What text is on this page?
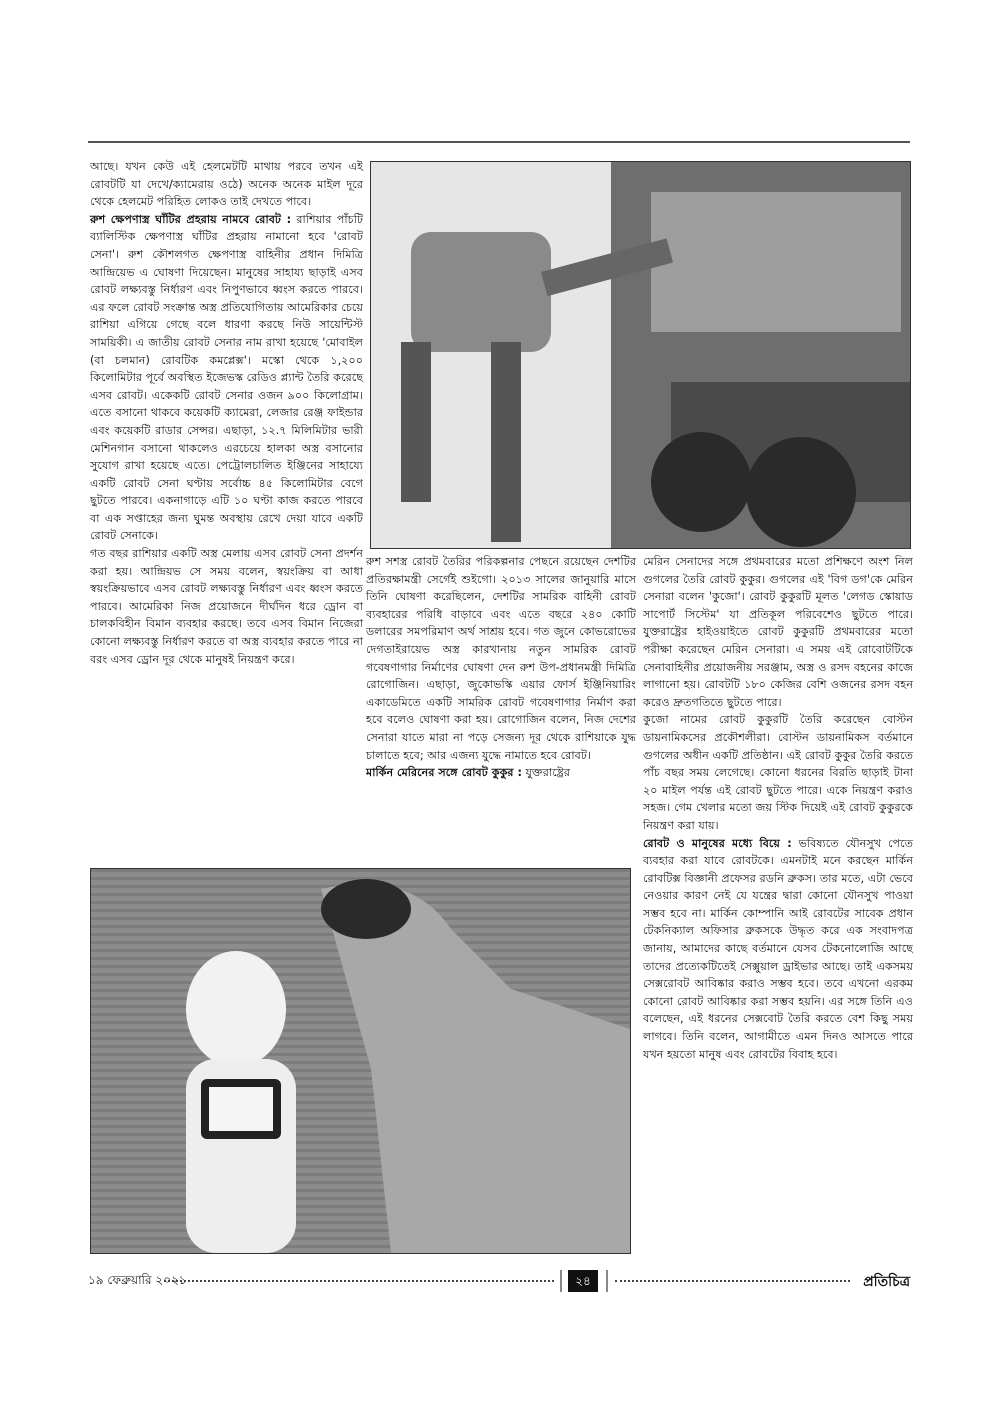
আছে। যখন কেউ এই হেলমেটটি মাথায় পরবে তখন এই রোবটটি যা দেখে/ক্যামেরায় ওঠে) অনেক অনেক মাইল দূরে থেকে হেলমেট পরিহিত লোকও তাই দেখতে পাবে।

রুশ ক্ষেপণাস্ত্র ঘাঁটির প্রহরায় নামবে রোবট : রাশিয়ার পাঁচটি ব্যালিস্টিক ক্ষেপণাস্ত্র ঘাঁটির প্রহরায় নামানো হবে 'রোবট সেনা'। রুশ কৌশলগত ক্ষেপণাস্ত্র বাহিনীর প্রধান দিমিত্রি আন্দ্রিয়েভ এ ঘোষণা দিয়েছেন। মানুষের সাহায্য ছাড়াই এসব রোবট লক্ষ্যবস্তু নির্ধারণ এবং নিপুণভাবে ধ্বংস করতে পারবে। এর ফলে রোবট সংক্রান্ত অস্ত্র প্রতিযোগিতায় আমেরিকার চেয়ে রাশিয়া এগিয়ে গেছে বলে ধারণা করছে নিউ সায়েন্টিস্ট সাময়িকী। এ জাতীয় রোবট সেনার নাম রাখা হয়েছে 'মোবাইল (বা চলমান) রোবটিক কমপ্লেক্স'। মস্কো থেকে ১,২০০ কিলোমিটার পূর্বে অবস্থিত ইজেভস্ক রেডিও প্ল্যান্ট তৈরি করেছে এসব রোবট। একেকটি রোবট সেনার ওজন ৯০০ কিলোগ্রাম। এতে বসানো থাকবে কয়েকটি ক্যামেরা, লেজার রেঞ্জ ফাইন্ডার এবং কয়েকটি রাডার সেন্সর। এছাড়া, ১২.৭ মিলিমিটার ভারী মেশিনগান বসানো থাকলেও এরচেয়ে হালকা অস্ত্র বসানোর সুযোগ রাখা হয়েছে এতে। পেট্রোলচালিত ইঞ্জিনের সাহায্যে একটি রোবট সেনা ঘণ্টায় সর্বোচ্চ ৪৫ কিলোমিটার বেগে ছুটতে পারবে। একনাগাড়ে এটি ১০ ঘণ্টা কাজ করতে পারবে বা এক সপ্তাহের জন্য ঘুমন্ত অবস্থায় রেখে দেয়া যাবে একটি রোবট সেনাকে।

গত বছর রাশিয়ার একটি অস্ত্র মেলায় এসব রোবট সেনা প্রদর্শন করা হয়। আন্দ্রিয়ভ সে সময় বলেন, স্বয়ংক্রিয় বা আধা স্বয়ংক্রিয়ভাবে এসব রোবট লক্ষ্যবস্তু নির্ধারণ এবং ধ্বংস করতে পারবে। আমেরিকা নিজ প্রয়োজনে দীর্ঘদিন ধরে ড্রোন বা চালকবিহীন বিমান ব্যবহার করছে। তবে এসব বিমান নিজেরা কোনো লক্ষ্যবস্তু নির্ধারণ করতে বা অস্ত্র ব্যবহার করতে পারে না বরং এসব ড্রোন দূর থেকে মানুষই নিয়ন্ত্রণ করে।

রুশ সশস্ত্র রোবট তৈরির পরিকল্পনার পেছনে রয়েছেন দেশটির প্রতিরক্ষামন্ত্রী সের্গেই শুইগো। ২০১৩ সালের জানুয়ারি মাসে তিনি ঘোষণা করেছিলেন, দেশটির সামরিক বাহিনী রোবট ব্যবহারের পরিধি বাড়াবে এবং এতে বছরে ২৪০ কোটি ডলারের সমপরিমাণ অর্থ সাশ্রয় হবে। গত জুনে কোভরোভের দেগতাইরায়েভ অস্ত্র কারখানায় নতুন সামরিক রোবট গবেষণাগার নির্মাণের ঘোষণা দেন রুশ উপ-প্রধানমন্ত্রী দিমিত্রি রোগোজিন। এছাড়া, জুকোভস্কি এয়ার ফোর্স ইঞ্জিনিয়ারিং একাডেমিতে একটি সামরিক রোবট গবেষণাগার নির্মাণ করা হবে বলেও ঘোষণা করা হয়। রোগোজিন বলেন, নিজ দেশের সেনারা যাতে মারা না পড়ে সেজন্য দূর থেকে রাশিয়াকে যুদ্ধ চালাতে হবে; আর এজন্য যুদ্ধে নামাতে হবে রোবট।

মার্কিন মেরিনের সঙ্গে রোবট কুকুর : যুক্তরাষ্ট্রের

মেরিন সেনাদের সঙ্গে প্রথমবারের মতো প্রশিক্ষণে অংশ নিল গুগলের তৈরি রোবট কুকুর। গুগলের এই 'বিগ ডগ'কে মেরিন সেনারা বলেন 'কুজো'। রোবট কুকুরটি মূলত 'লেগড স্কোয়াড সাপোর্ট সিস্টেম' যা প্রতিকূল পরিবেশেও ছুটতে পারে। যুক্তরাষ্ট্রের হাইওয়াইতে রোবট কুকুরটি প্রথমবারের মতো পরীক্ষা করেছেন মেরিন সেনারা। এ সময় এই রোবোটটিকে সেনাবাহিনীর প্রয়োজনীয় সরঞ্জাম, অস্ত্র ও রসদ বহনের কাজে লাগানো হয়। রোবটটি ১৮০ কেজির বেশি ওজনের রসদ বহন করেও দ্রুতগতিতে ছুটতে পারে।

কুজো নামের রোবট কুকুরটি তৈরি করেছেন বোস্টন ডায়নামিকসের প্রকৌশলীরা। বোস্টন ডায়নামিকস বর্তমানে গুগলের অধীন একটি প্রতিষ্ঠান। এই রোবট কুকুর তৈরি করতে পাঁচ বছর সময় লেগেছে। কোনো ধরনের বিরতি ছাড়াই টানা ২০ মাইল পর্যন্ত এই রোবট ছুটতে পারে। একে নিয়ন্ত্রণ করাও সহজ। গেম খেলার মতো জয় স্টিক দিয়েই এই রোবট কুকুরকে নিয়ন্ত্রণ করা যায়।

রোবট ও মানুষের মধ্যে বিয়ে : ভবিষ্যতে যৌনসুখ পেতে ব্যবহার করা যাবে রোবটকে। এমনটাই মনে করছেন মার্কিন রোবটিক্স বিজ্ঞানী প্রফেসর রডনি ব্রুকস। তার মতে, এটা ভেবে নেওয়ার কারণ নেই যে যন্ত্রের দ্বারা কোনো যৌনসুখ পাওয়া সম্ভব হবে না। মার্কিন কোম্পানি আই রোবটের সাবেক প্রধান টেকনিক্যাল অফিসার ব্রুকসকে উদ্ধৃত করে এক সংবাদপত্র জানায়, আমাদের কাছে বর্তমানে যেসব টেকনোলোজি আছে তাদের প্রত্যেকটিতেই সেক্সুয়াল ড্রাইভার আছে। তাই একসময় সেক্সরোবট আবিষ্কার করাও সম্ভব হবে। তবে এখনো এরকম কোনো রোবট আবিষ্কার করা সম্ভব হয়নি। এর সঙ্গে তিনি এও বলেছেন, এই ধরনের সেক্সবোট তৈরি করতে বেশ কিছু সময় লাগবে। তিনি বলেন, আগামীতে এমন দিনও আসতে পারে যখন হয়তো মানুষ এবং রোবটের বিবাহ হবে।

১৯ ফেব্রুয়ারি ২০২১	২৪	প্রতিচিত্র
